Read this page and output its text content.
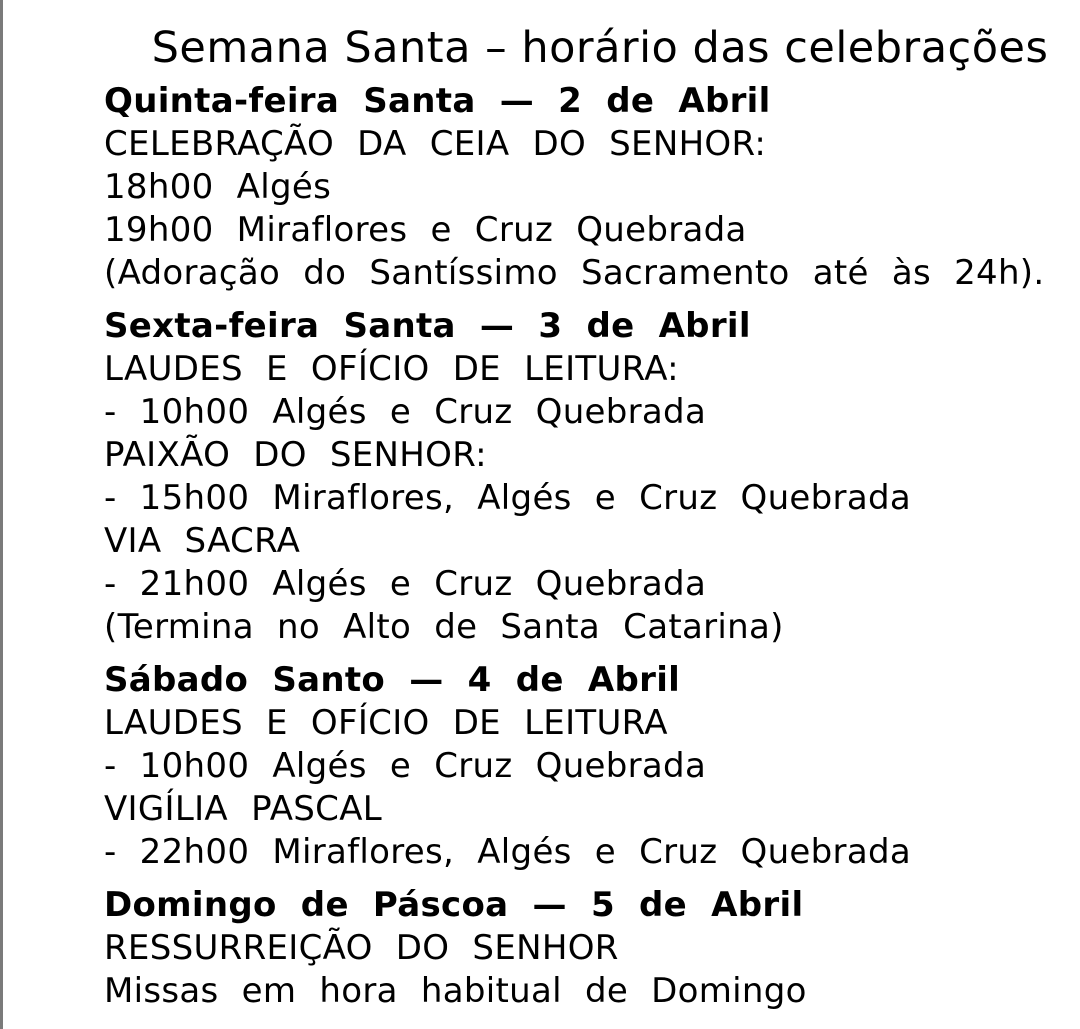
Semana Santa – horário das celebrações
Quinta-feira Santa — 2 de Abril
CELEBRAÇÃO DA CEIA DO SENHOR:
18h00 Algés
19h00 Miraflores e Cruz Quebrada
(Adoração do Santíssimo Sacramento até às 24h).
Sexta-feira Santa — 3 de Abril
LAUDES E OFÍCIO DE LEITURA:
- 10h00 Algés e Cruz Quebrada
PAIXÃO DO SENHOR:
- 15h00 Miraflores, Algés e Cruz Quebrada
VIA SACRA
- 21h00 Algés e Cruz Quebrada
(Termina no Alto de Santa Catarina)
Sábado Santo — 4 de Abril
LAUDES E OFÍCIO DE LEITURA
- 10h00 Algés e Cruz Quebrada
VIGÍLIA PASCAL
- 22h00 Miraflores, Algés e Cruz Quebrada
Domingo de Páscoa — 5 de Abril
RESSURREIÇÃO DO SENHOR
Missas em hora habitual de Domingo
